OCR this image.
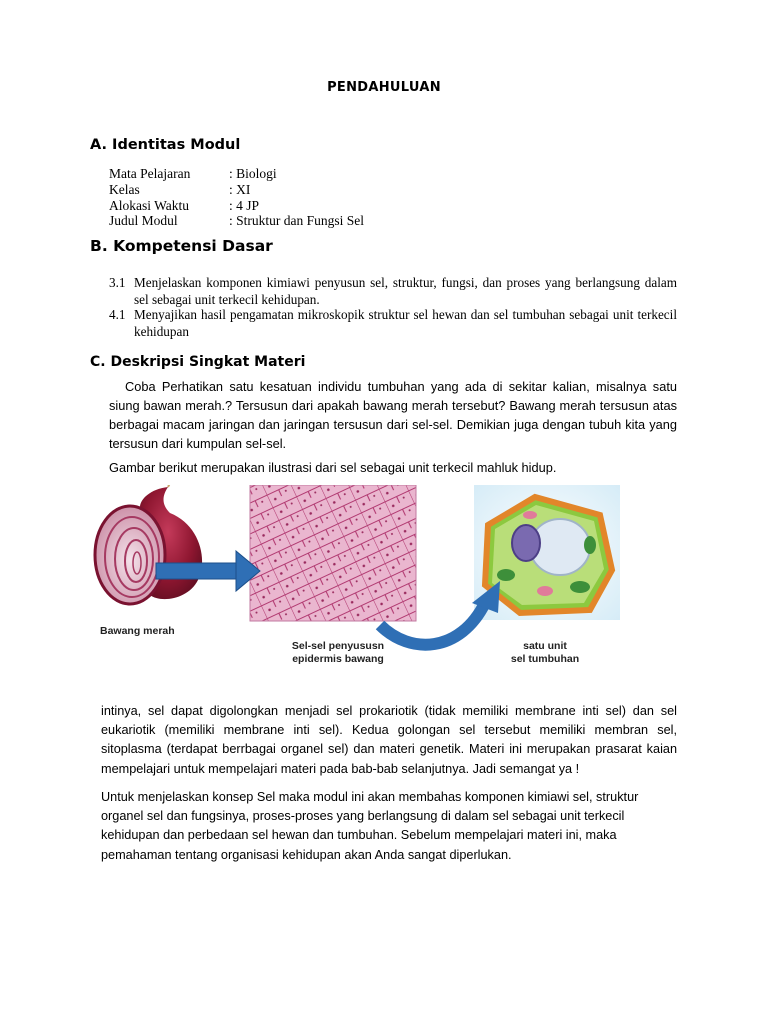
PENDAHULUAN
A. Identitas Modul
Mata Pelajaran	: Biologi
Kelas	: XI
Alokasi Waktu	: 4 JP
Judul Modul	: Struktur dan Fungsi Sel
B. Kompetensi Dasar
3.1 Menjelaskan komponen kimiawi penyusun sel, struktur, fungsi, dan proses yang berlangsung dalam sel sebagai unit terkecil kehidupan.
4.1 Menyajikan hasil pengamatan mikroskopik struktur sel hewan dan sel tumbuhan sebagai unit terkecil kehidupan
C. Deskripsi Singkat Materi
Coba Perhatikan satu kesatuan individu tumbuhan yang ada di sekitar kalian, misalnya satu siung bawan merah.? Tersusun dari apakah bawang merah tersebut? Bawang merah tersusun atas berbagai macam jaringan dan jaringan tersusun dari sel-sel. Demikian juga dengan tubuh kita yang tersusun dari kumpulan sel-sel.
Gambar berikut merupakan ilustrasi dari sel sebagai unit terkecil mahluk hidup.
Bawang merah
Sel-sel penyususn
epidermis bawang
satu unit
sel tumbuhan
intinya, sel dapat digolongkan menjadi sel prokariotik (tidak memiliki membrane inti sel) dan sel eukariotik (memiliki membrane inti sel). Kedua golongan sel tersebut memiliki membran sel, sitoplasma (terdapat berrbagai organel sel) dan materi genetik. Materi ini merupakan prasarat kaian mempelajari untuk mempelajari materi pada bab-bab selanjutnya. Jadi semangat ya !
Untuk menjelaskan konsep Sel maka modul ini akan membahas komponen kimiawi sel, struktur organel sel dan fungsinya, proses-proses yang berlangsung di dalam sel sebagai unit terkecil kehidupan dan perbedaan sel hewan dan tumbuhan. Sebelum mempelajari materi ini, maka pemahaman tentang organisasi kehidupan akan Anda sangat diperlukan.
